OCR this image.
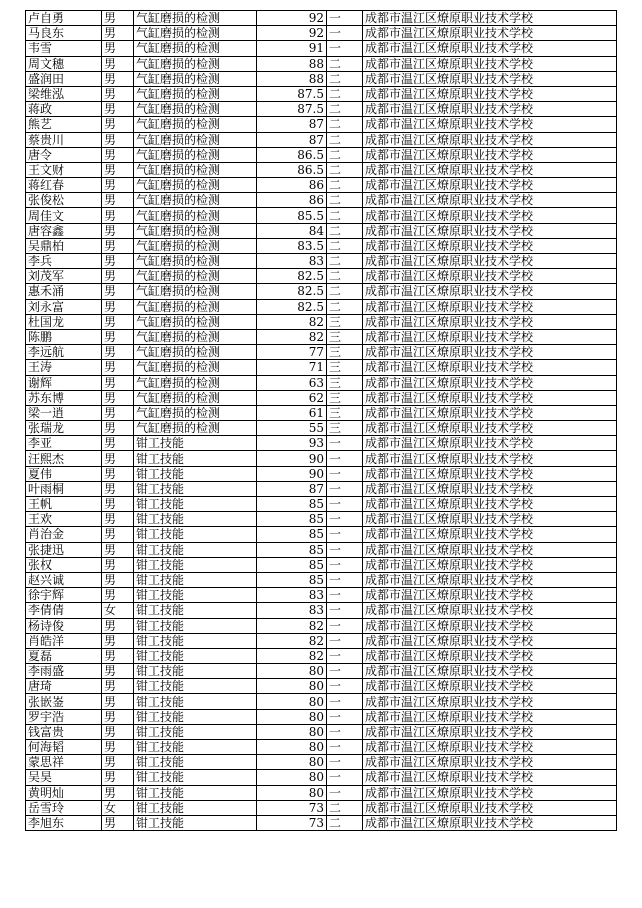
卢自勇	男	气缸磨损的检测	92	一	成都市温江区燎原职业技术学校
马良东	男	气缸磨损的检测	92	一	成都市温江区燎原职业技术学校
韦雪	男	气缸磨损的检测	91	一	成都市温江区燎原职业技术学校
周文穗	男	气缸磨损的检测	88	二	成都市温江区燎原职业技术学校
盛润田	男	气缸磨损的检测	88	二	成都市温江区燎原职业技术学校
梁维泓	男	气缸磨损的检测	87.5	二	成都市温江区燎原职业技术学校
蒋政	男	气缸磨损的检测	87.5	二	成都市温江区燎原职业技术学校
熊艺	男	气缸磨损的检测	87	二	成都市温江区燎原职业技术学校
蔡贵川	男	气缸磨损的检测	87	二	成都市温江区燎原职业技术学校
唐令	男	气缸磨损的检测	86.5	二	成都市温江区燎原职业技术学校
王文财	男	气缸磨损的检测	86.5	二	成都市温江区燎原职业技术学校
蒋红春	男	气缸磨损的检测	86	二	成都市温江区燎原职业技术学校
张俊松	男	气缸磨损的检测	86	二	成都市温江区燎原职业技术学校
周佳文	男	气缸磨损的检测	85.5	二	成都市温江区燎原职业技术学校
唐容鑫	男	气缸磨损的检测	84	二	成都市温江区燎原职业技术学校
吴鼎柏	男	气缸磨损的检测	83.5	二	成都市温江区燎原职业技术学校
李兵	男	气缸磨损的检测	83	二	成都市温江区燎原职业技术学校
刘茂军	男	气缸磨损的检测	82.5	二	成都市温江区燎原职业技术学校
惠禾涌	男	气缸磨损的检测	82.5	二	成都市温江区燎原职业技术学校
刘永富	男	气缸磨损的检测	82.5	二	成都市温江区燎原职业技术学校
杜国龙	男	气缸磨损的检测	82	三	成都市温江区燎原职业技术学校
陈鹏	男	气缸磨损的检测	82	三	成都市温江区燎原职业技术学校
李远航	男	气缸磨损的检测	77	三	成都市温江区燎原职业技术学校
王涛	男	气缸磨损的检测	71	三	成都市温江区燎原职业技术学校
谢辉	男	气缸磨损的检测	63	三	成都市温江区燎原职业技术学校
苏东博	男	气缸磨损的检测	62	三	成都市温江区燎原职业技术学校
梁一逍	男	气缸磨损的检测	61	三	成都市温江区燎原职业技术学校
张瑞龙	男	气缸磨损的检测	55	三	成都市温江区燎原职业技术学校
李亚	男	钳工技能	93	一	成都市温江区燎原职业技术学校
汪熙杰	男	钳工技能	90	一	成都市温江区燎原职业技术学校
夏伟	男	钳工技能	90	一	成都市温江区燎原职业技术学校
叶雨桐	男	钳工技能	87	一	成都市温江区燎原职业技术学校
王帆	男	钳工技能	85	一	成都市温江区燎原职业技术学校
王欢	男	钳工技能	85	一	成都市温江区燎原职业技术学校
肖治金	男	钳工技能	85	一	成都市温江区燎原职业技术学校
张捷迅	男	钳工技能	85	一	成都市温江区燎原职业技术学校
张权	男	钳工技能	85	一	成都市温江区燎原职业技术学校
赵兴诚	男	钳工技能	85	一	成都市温江区燎原职业技术学校
徐宇辉	男	钳工技能	83	一	成都市温江区燎原职业技术学校
李倩倩	女	钳工技能	83	一	成都市温江区燎原职业技术学校
杨诗俊	男	钳工技能	82	一	成都市温江区燎原职业技术学校
肖皓洋	男	钳工技能	82	一	成都市温江区燎原职业技术学校
夏磊	男	钳工技能	82	一	成都市温江区燎原职业技术学校
李雨盛	男	钳工技能	80	一	成都市温江区燎原职业技术学校
唐琦	男	钳工技能	80	一	成都市温江区燎原职业技术学校
张嵌崟	男	钳工技能	80	一	成都市温江区燎原职业技术学校
罗宇浩	男	钳工技能	80	一	成都市温江区燎原职业技术学校
钱富贵	男	钳工技能	80	一	成都市温江区燎原职业技术学校
何海韬	男	钳工技能	80	一	成都市温江区燎原职业技术学校
蒙思祥	男	钳工技能	80	一	成都市温江区燎原职业技术学校
吴昊	男	钳工技能	80	一	成都市温江区燎原职业技术学校
黄明灿	男	钳工技能	80	一	成都市温江区燎原职业技术学校
岳雪玲	女	钳工技能	73	二	成都市温江区燎原职业技术学校
李旭东	男	钳工技能	73	二	成都市温江区燎原职业技术学校
